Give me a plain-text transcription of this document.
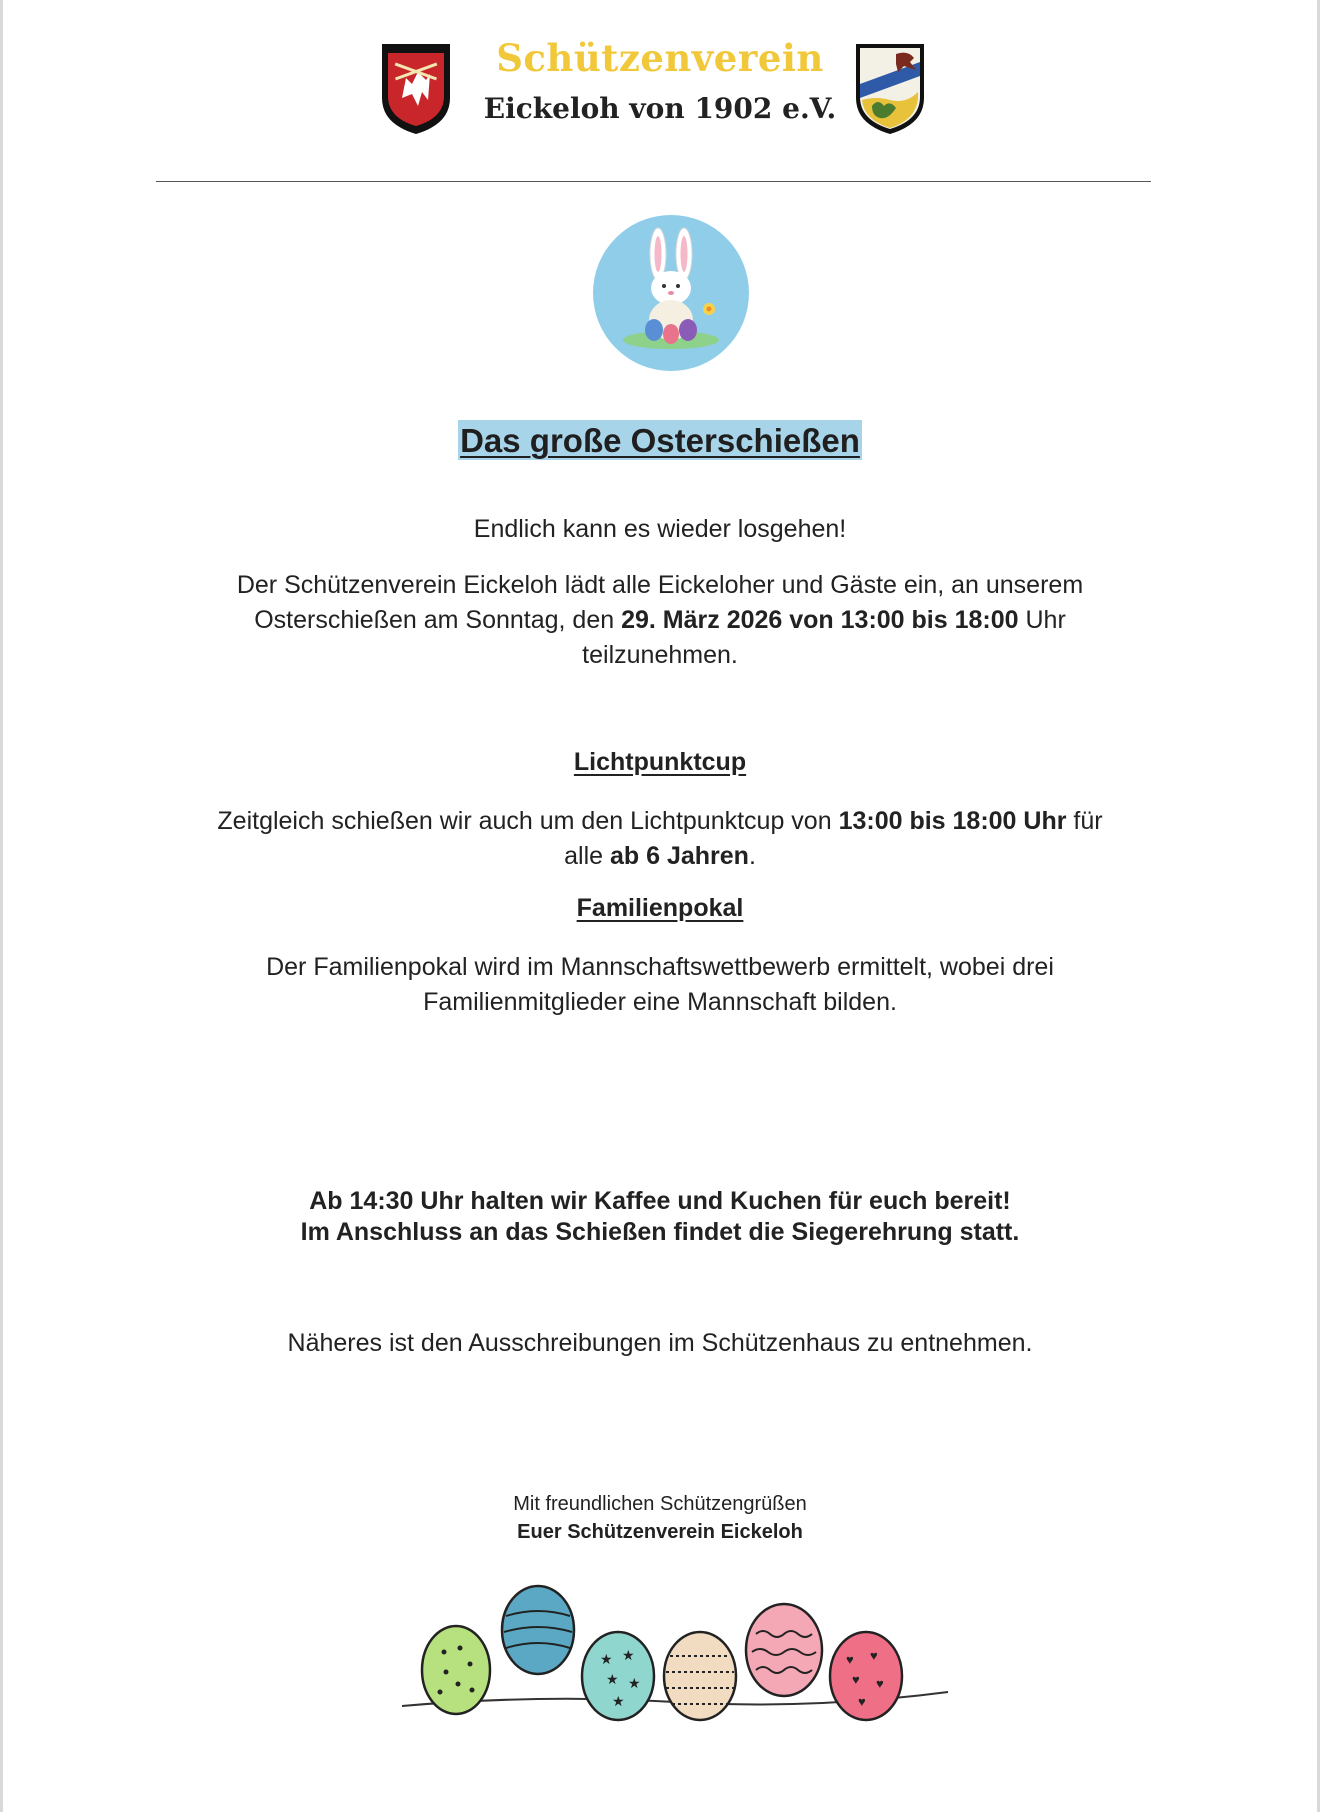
Schützenverein
Eickeloh von 1902 e.V.
Das große Osterschießen
Endlich kann es wieder losgehen!
Der Schützenverein Eickeloh lädt alle Eickeloher und Gäste ein, an unserem
Osterschießen am Sonntag, den 29. März 2026 von 13:00 bis 18:00 Uhr
teilzunehmen.
Lichtpunktcup
Zeitgleich schießen wir auch um den Lichtpunktcup von 13:00 bis 18:00 Uhr für
alle ab 6 Jahren.
Familienpokal
Der Familienpokal wird im Mannschaftswettbewerb ermittelt, wobei drei
Familienmitglieder eine Mannschaft bilden.
Ab 14:30 Uhr halten wir Kaffee und Kuchen für euch bereit!
Im Anschluss an das Schießen findet die Siegerehrung statt.
Näheres ist den Ausschreibungen im Schützenhaus zu entnehmen.
Mit freundlichen Schützengrüßen
Euer Schützenverein Eickeloh
★ ★
★ ★
★
♥ ♥
♥ ♥
♥
